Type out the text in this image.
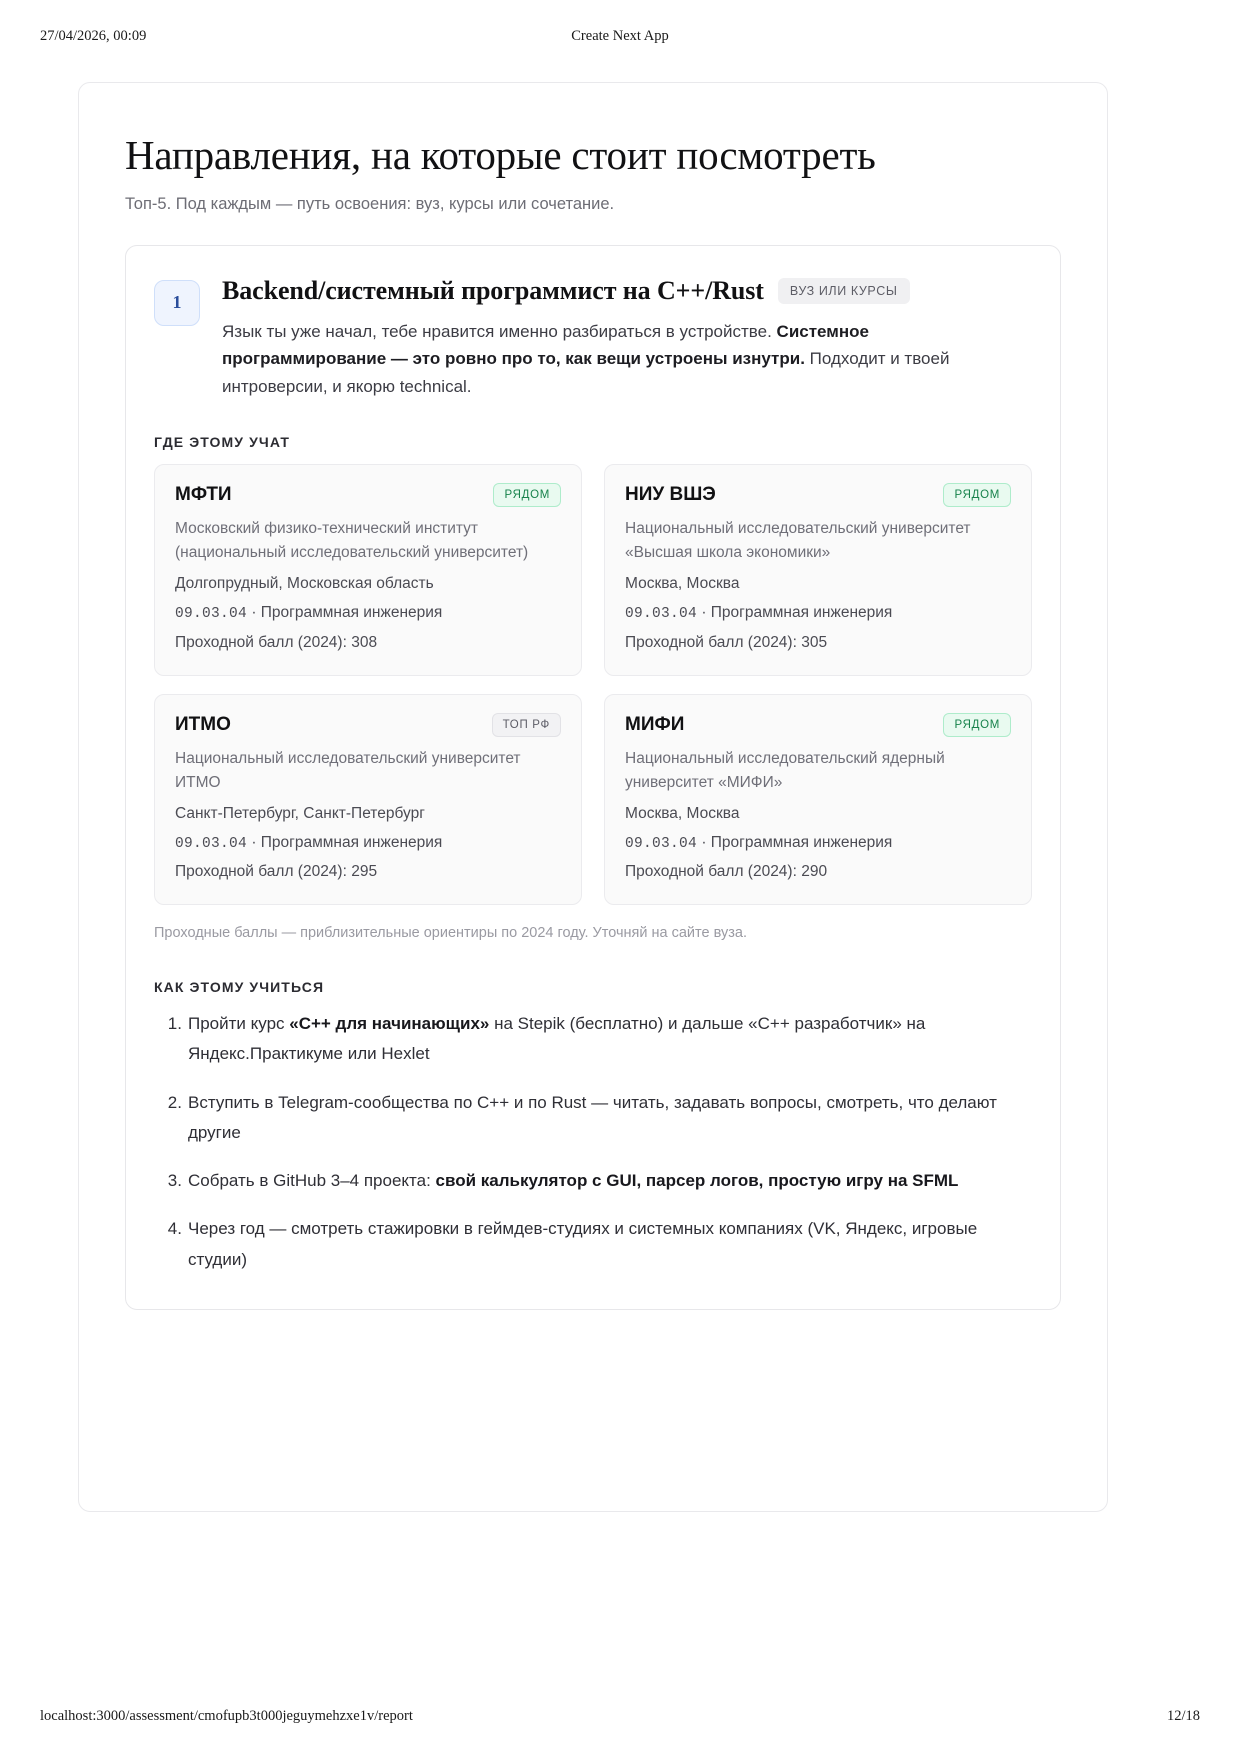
27/04/2026, 00:09	Create Next App
Направления, на которые стоит посмотреть

Топ-5. Под каждым — путь освоения: вуз, курсы или сочетание.

1	Backend/системный программист на C++/Rust	ВУЗ ИЛИ КУРСЫ

Язык ты уже начал, тебе нравится именно разбираться в устройстве. Системное программирование — это ровно про то, как вещи устроены изнутри. Подходит и твоей интроверсии, и якорю technical.

ГДЕ ЭТОМУ УЧАТ
МФТИ	РЯДОМ
Московский физико-технический институт (национальный исследовательский университет)
Долгопрудный, Московская область
09.03.04 · Программная инженерия
Проходной балл (2024): 308
НИУ ВШЭ	РЯДОМ
Национальный исследовательский университет «Высшая школа экономики»
Москва, Москва
09.03.04 · Программная инженерия
Проходной балл (2024): 305
ИТМО	ТОП РФ
Национальный исследовательский университет ИТМО
Санкт-Петербург, Санкт-Петербург
09.03.04 · Программная инженерия
Проходной балл (2024): 295
МИФИ	РЯДОМ
Национальный исследовательский ядерный университет «МИФИ»
Москва, Москва
09.03.04 · Программная инженерия
Проходной балл (2024): 290

Проходные баллы — приблизительные ориентиры по 2024 году. Уточняй на сайте вуза.

КАК ЭТОМУ УЧИТЬСЯ
Пройти курс «C++ для начинающих» на Stepik (бесплатно) и дальше «C++ разработчик» на Яндекс.Практикуме или Hexlet
Вступить в Telegram-сообщества по C++ и по Rust — читать, задавать вопросы, смотреть, что делают другие
Собрать в GitHub 3–4 проекта: свой калькулятор с GUI, парсер логов, простую игру на SFML
Через год — смотреть стажировки в геймдев-студиях и системных компаниях (VK, Яндекс, игровые студии)
localhost:3000/assessment/cmofupb3t000jeguymehzxe1v/report	12/18
